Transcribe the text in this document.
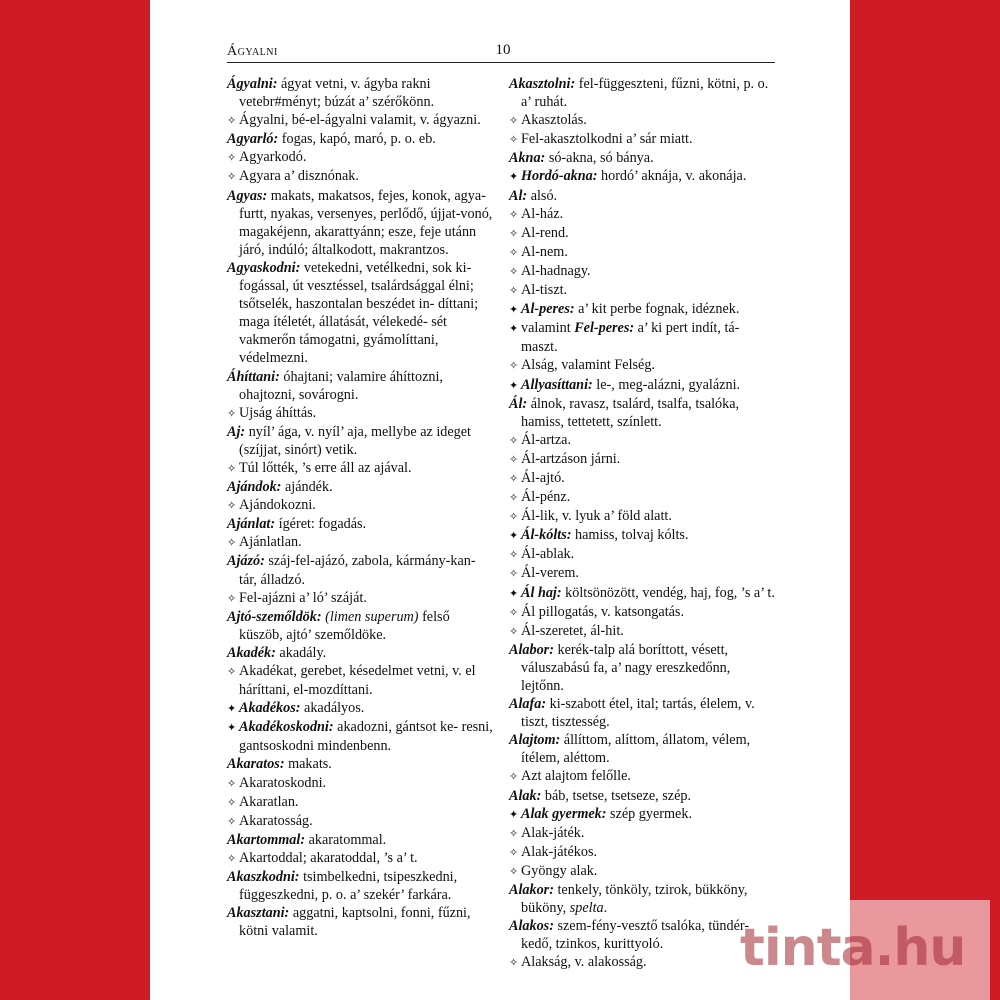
Ágyalni	10

Ágyalni: ágyat vetni, v. ágyba rakni vetebr#ményt; búzát a’ szérőkönn.

✧ Ágyalni, bé-el-ágyalni valamit, v. ágyazni.

Agyarló: fogas, kapó, maró, p. o. eb.

✧ Agyarkodó.

✧ Agyara a’ disznónak.

Agyas: makats, makatsos, fejes, konok, agya-furtt, nyakas, versenyes, perlődő, újjat-vonó, magakéjenn, akarattyánn; esze, feje utánn járó, indúló; általkodott, makrantzos.

Agyaskodni: vetekedni, vetélkedni, sok ki-fogással, út vesztéssel, tsalárdsággal élni; tsőtselék, haszontalan beszédet in- díttani; maga ítéletét, állatását, vélekedé- sét vakmerőn támogatni, gyámolíttani, védelmezni.

Áhíttani: óhajtani; valamire áhíttozni, ohajtozni, sovárogni.

✧ Ujság áhíttás.

Aj: nyíl’ ága, v. nyíl’ aja, mellybe az ideget (szíjjat, sinórt) vetik.

✧ Túl lőtték, ’s erre áll az ajával.

Ajándok: ajándék.

✧ Ajándokozni.

Ajánlat: ígéret: fogadás.

✧ Ajánlatlan.

Ajázó: száj-fel-ajázó, zabola, kármány-kan- tár, álladzó.

✧ Fel-ajázni a’ ló’ száját.

Ajtó-szemőldök: (limen superum) felső küszöb, ajtó’ szemőldöke.

Akadék: akadály.

✧ Akadékat, gerebet, késedelmet vetni, v. el háríttani, el-mozdíttani.

✦ Akadékos: akadályos.

✦ Akadékoskodni: akadozni, gántsot ke- resni, gantsoskodni mindenbenn.

Akaratos: makats.

✧ Akaratoskodni.

✧ Akaratlan.

✧ Akaratosság.

Akartommal: akaratommal.

✧ Akartoddal; akaratoddal, ’s a’ t.

Akaszkodni: tsimbelkedni, tsipeszkedni, függeszkedni, p. o. a’ szekér’ farkára.

Akasztani: aggatni, kaptsolni, fonni, fűzni, kötni valamit.

Akasztolni: fel-függeszteni, fűzni, kötni, p. o. a’ ruhát.

✧ Akasztolás.

✧ Fel-akasztolkodni a’ sár miatt.

Akna: só-akna, só bánya.

✦ Hordó-akna: hordó’ aknája, v. akonája.

Al: alsó.

✧ Al-ház.

✧ Al-rend.

✧ Al-nem.

✧ Al-hadnagy.

✧ Al-tiszt.

✦ Al-peres: a’ kit perbe fognak, idéznek.

✦ valamint Fel-peres: a’ ki pert indít, tá- maszt.

✧ Alság, valamint Felség.

✦ Allyasíttani: le-, meg-alázni, gyalázni.

Ál: álnok, ravasz, tsalárd, tsalfa, tsalóka, hamiss, tettetett, színlett.

✧ Ál-artza.

✧ Ál-artzáson járni.

✧ Ál-ajtó.

✧ Ál-pénz.

✧ Ál-lik, v. lyuk a’ föld alatt.

✦ Ál-kólts: hamiss, tolvaj kólts.

✧ Ál-ablak.

✧ Ál-verem.

✦ Ál haj: költsönözött, vendég, haj, fog, ’s a’ t.

✧ Ál pillogatás, v. katsongatás.

✧ Ál-szeretet, ál-hit.

Alabor: kerék-talp alá boríttott, vésett, váluszabású fa, a’ nagy ereszkedőnn, lejtőnn.

Alafa: ki-szabott étel, ital; tartás, élelem, v. tiszt, tisztesség.

Alajtom: állíttom, alíttom, állatom, vélem, ítélem, aléttom.

✧ Azt alajtom felőlle.

Alak: báb, tsetse, tsetseze, szép.

✦ Alak gyermek: szép gyermek.

✧ Alak-játék.

✧ Alak-játékos.

✧ Gyöngy alak.

Alakor: tenkely, tönköly, tzirok, bükköny, büköny, spelta.

Alakos: szem-fény-vesztő tsalóka, tündér- kedő, tzinkos, kurittyoló.

✧ Alakság, v. alakosság.	tinta.hu
